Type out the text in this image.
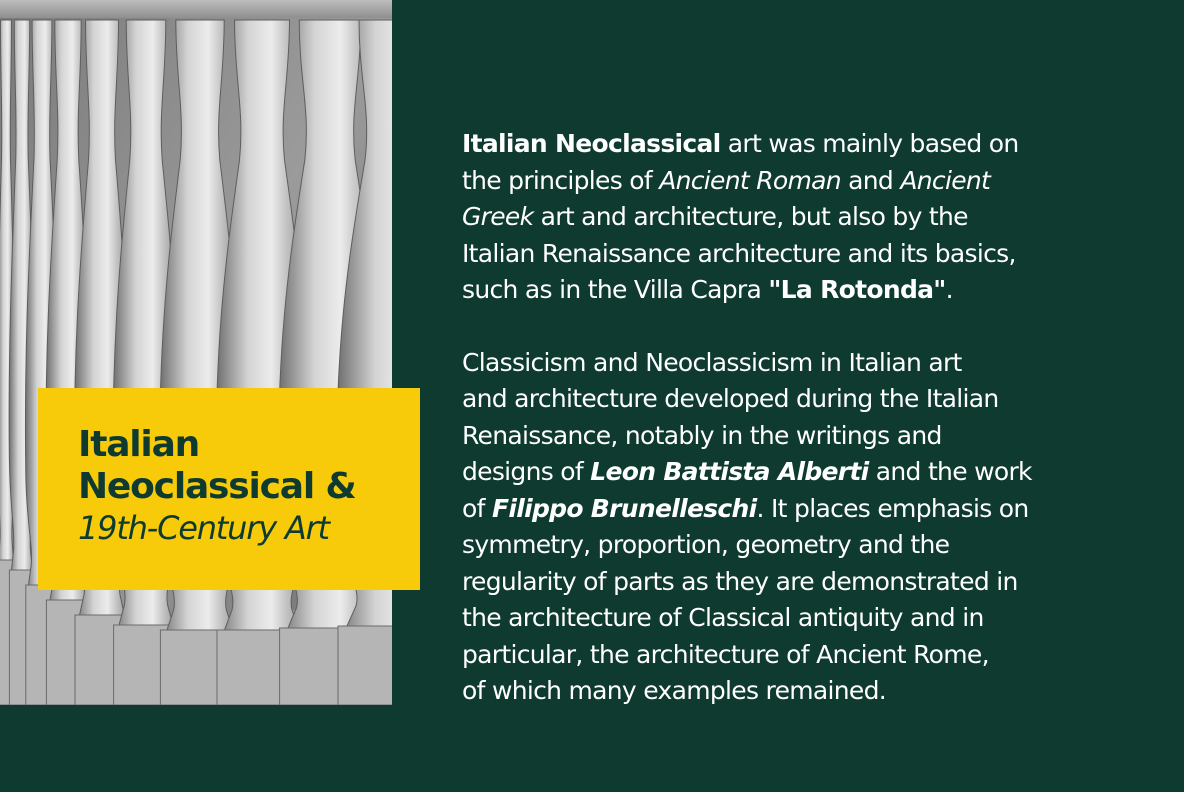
Italian
Neoclassical &
19th-Century Art

Italian Neoclassical art was mainly based on
the principles of Ancient Roman and Ancient
Greek art and architecture, but also by the
Italian Renaissance architecture and its basics,
such as in the Villa Capra "La Rotonda".

Classicism and Neoclassicism in Italian art
and architecture developed during the Italian
Renaissance, notably in the writings and
designs of Leon Battista Alberti and the work
of Filippo Brunelleschi. It places emphasis on
symmetry, proportion, geometry and the
regularity of parts as they are demonstrated in
the architecture of Classical antiquity and in
particular, the architecture of Ancient Rome,
of which many examples remained.
